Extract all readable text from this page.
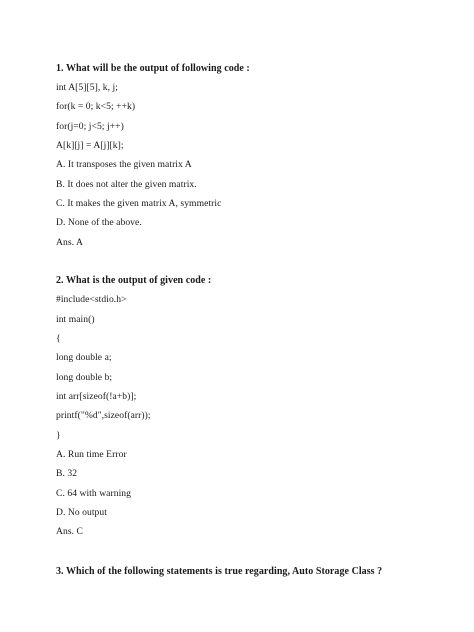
1. What will be the output of following code :
int A[5][5], k, j;
for(k = 0; k<5; ++k)
for(j=0; j<5; j++)
A[k][j] = A[j][k];
A. It transposes the given matrix A
B. It does not alter the given matrix.
C. It makes the given matrix A, symmetric
D. None of the above.
Ans. A
2. What is the output of given code :
#include<stdio.h>
int main()
{
long double a;
long double b;
int arr[sizeof(!a+b)];
printf("%d",sizeof(arr));
}
A. Run time Error
B. 32
C. 64 with warning
D. No output
Ans. C
3. Which of the following statements is true regarding, Auto Storage Class ?
